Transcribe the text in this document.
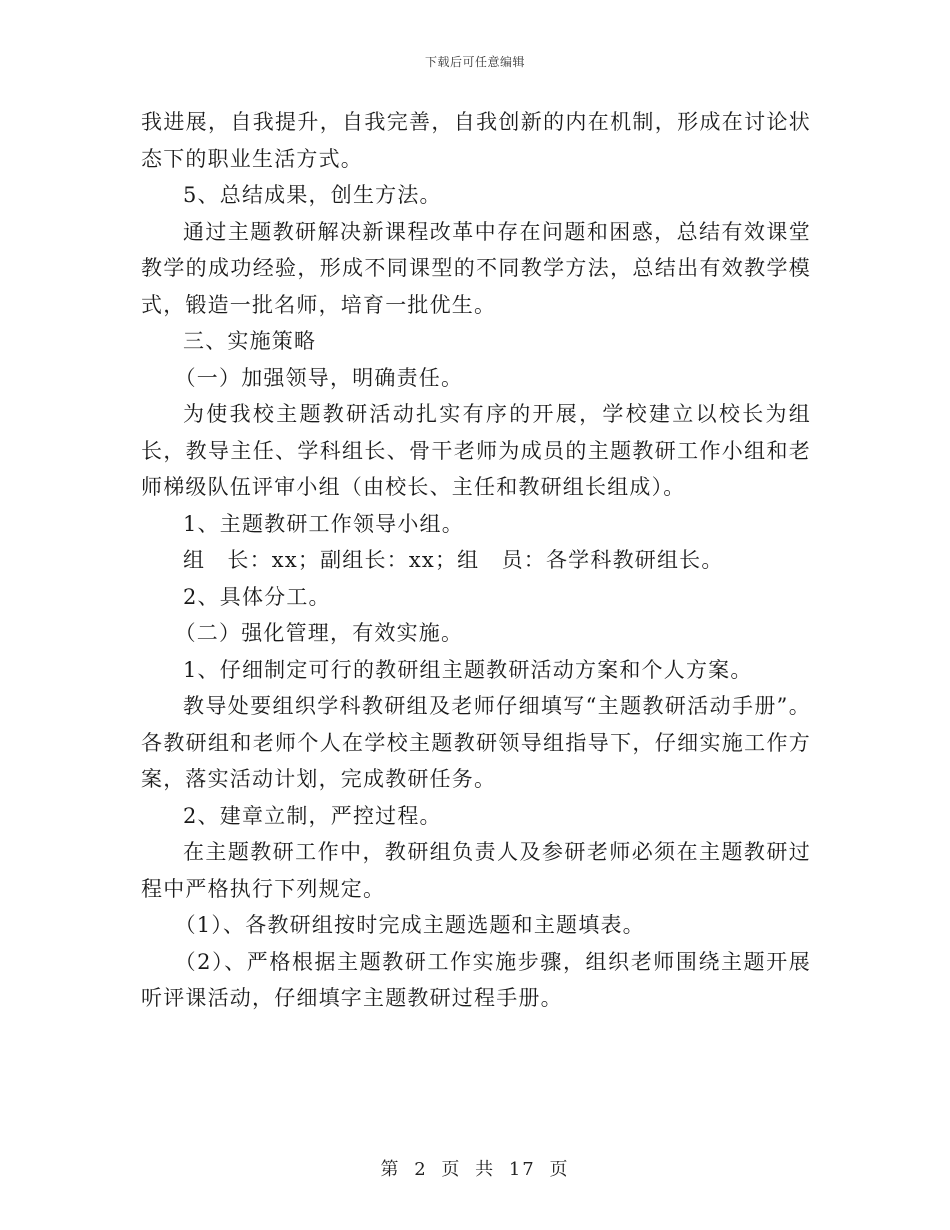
下载后可任意编辑

我进展，自我提升，自我完善，自我创新的内在机制，形成在讨论状态下的职业生活方式。

5、总结成果，创生方法。

通过主题教研解决新课程改革中存在问题和困惑，总结有效课堂教学的成功经验，形成不同课型的不同教学方法，总结出有效教学模式，锻造一批名师，培育一批优生。

三、实施策略

（一）加强领导，明确责任。

为使我校主题教研活动扎实有序的开展，学校建立以校长为组长，教导主任、学科组长、骨干老师为成员的主题教研工作小组和老师梯级队伍评审小组（由校长、主任和教研组长组成）。

1、主题教研工作领导小组。

组　长：xx；副组长：xx；组　员：各学科教研组长。

2、具体分工。

（二）强化管理，有效实施。

1、仔细制定可行的教研组主题教研活动方案和个人方案。

教导处要组织学科教研组及老师仔细填写“主题教研活动手册”。各教研组和老师个人在学校主题教研领导组指导下，仔细实施工作方案，落实活动计划，完成教研任务。

2、建章立制，严控过程。

在主题教研工作中，教研组负责人及参研老师必须在主题教研过程中严格执行下列规定。

（1）、各教研组按时完成主题选题和主题填表。

（2）、严格根据主题教研工作实施步骤，组织老师围绕主题开展听评课活动，仔细填字主题教研过程手册。

第 2 页 共 17 页
